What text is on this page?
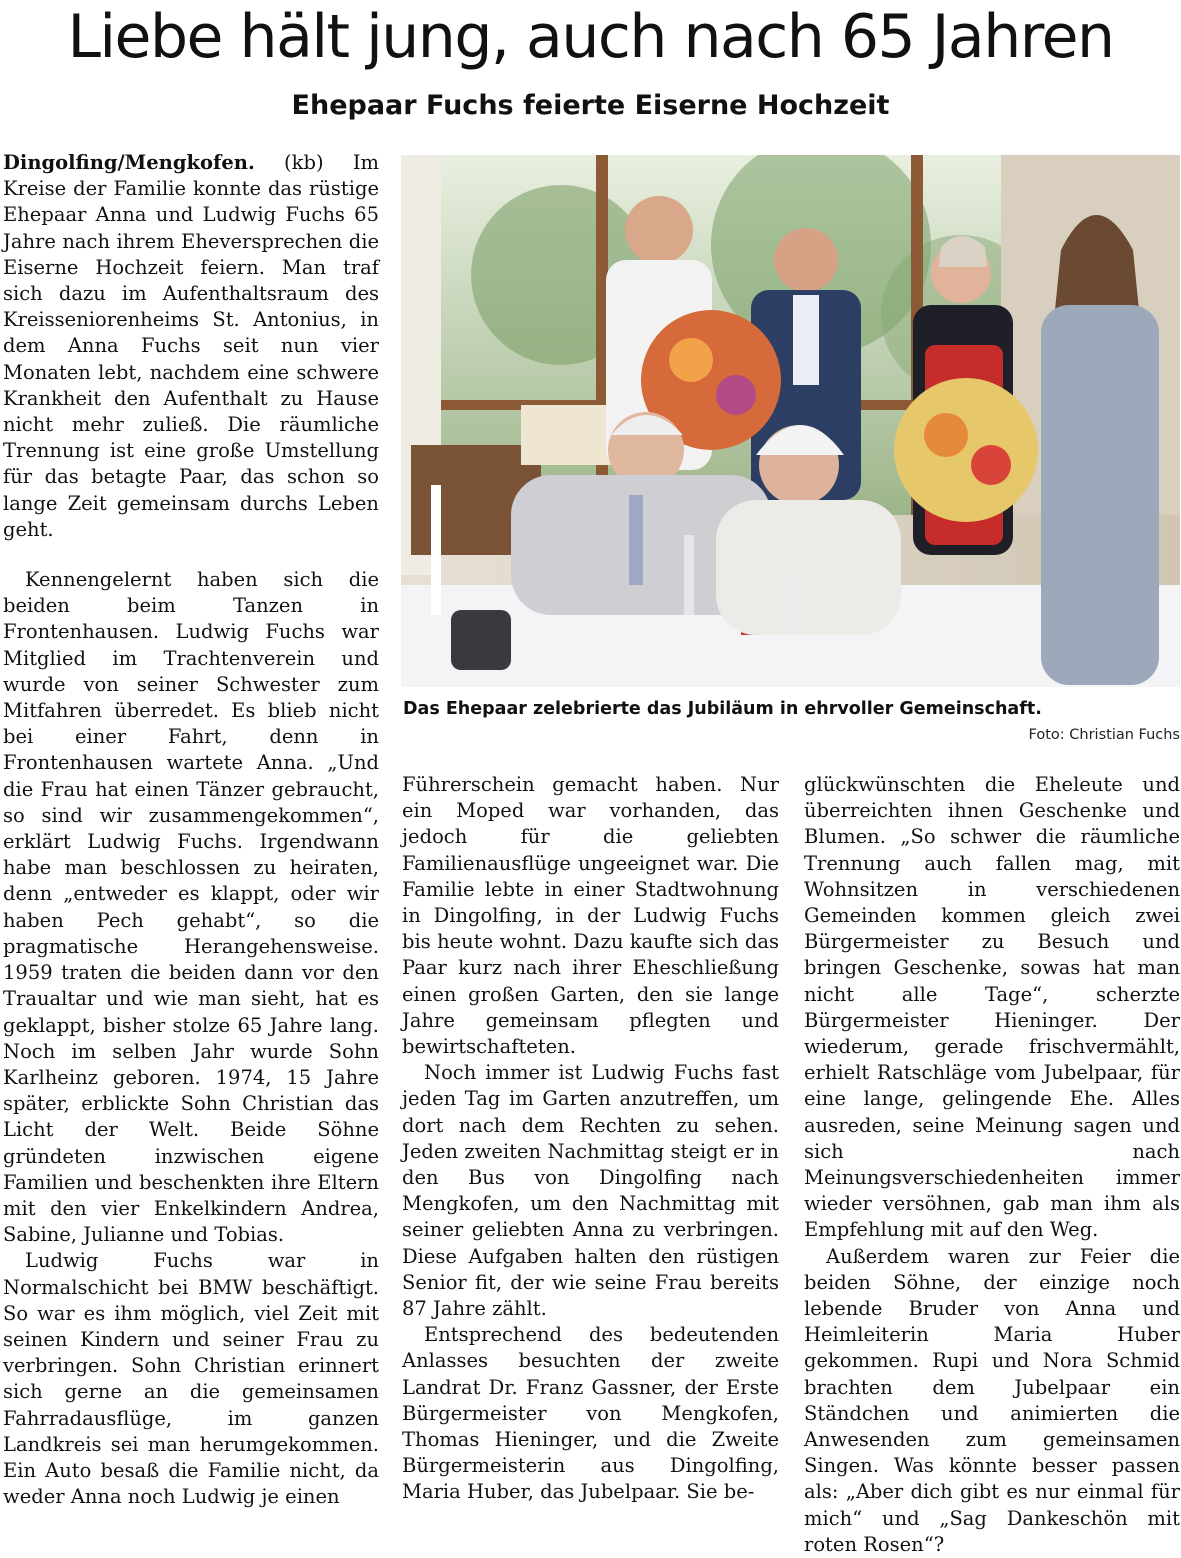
Liebe hält jung, auch nach 65 Jahren
Ehepaar Fuchs feierte Eiserne Hochzeit

Dingolfing/Mengkofen. (kb) Im Kreise der Familie konnte das rüstige Ehepaar Anna und Ludwig Fuchs 65 Jahre nach ihrem Eheversprechen die Eiserne Hochzeit feiern. Man traf sich dazu im Aufenthaltsraum des Kreisseniorenheims St. Antonius, in dem Anna Fuchs seit nun vier Monaten lebt, nachdem eine schwere Krankheit den Aufenthalt zu Hause nicht mehr zuließ. Die räumliche Trennung ist eine große Umstellung für das betagte Paar, das schon so lange Zeit gemeinsam durchs Leben geht.

Kennengelernt haben sich die beiden beim Tanzen in Frontenhausen. Ludwig Fuchs war Mitglied im Trachtenverein und wurde von seiner Schwester zum Mitfahren überredet. Es blieb nicht bei einer Fahrt, denn in Frontenhausen wartete Anna. „Und die Frau hat einen Tänzer gebraucht, so sind wir zusammengekommen“, erklärt Ludwig Fuchs. Irgendwann habe man beschlossen zu heiraten, denn „entweder es klappt, oder wir haben Pech gehabt“, so die pragmatische Herangehensweise. 1959 traten die beiden dann vor den Traualtar und wie man sieht, hat es geklappt, bisher stolze 65 Jahre lang. Noch im selben Jahr wurde Sohn Karlheinz geboren. 1974, 15 Jahre später, erblickte Sohn Christian das Licht der Welt. Beide Söhne gründeten inzwischen eigene Familien und beschenkten ihre Eltern mit den vier Enkelkindern Andrea, Sabine, Julianne und Tobias.

Ludwig Fuchs war in Normalschicht bei BMW beschäftigt. So war es ihm möglich, viel Zeit mit seinen Kindern und seiner Frau zu verbringen. Sohn Christian erinnert sich gerne an die gemeinsamen Fahrradausflüge, im ganzen Landkreis sei man herumgekommen. Ein Auto besaß die Familie nicht, da weder Anna noch Ludwig je einen

Das Ehepaar zelebrierte das Jubiläum in ehrvoller Gemeinschaft.
Foto: Christian Fuchs

Führerschein gemacht haben. Nur ein Moped war vorhanden, das jedoch für die geliebten Familienausflüge ungeeignet war. Die Familie lebte in einer Stadtwohnung in Dingolfing, in der Ludwig Fuchs bis heute wohnt. Dazu kaufte sich das Paar kurz nach ihrer Eheschließung einen großen Garten, den sie lange Jahre gemeinsam pflegten und bewirtschafteten.

Noch immer ist Ludwig Fuchs fast jeden Tag im Garten anzutreffen, um dort nach dem Rechten zu sehen. Jeden zweiten Nachmittag steigt er in den Bus von Dingolfing nach Mengkofen, um den Nachmittag mit seiner geliebten Anna zu verbringen. Diese Aufgaben halten den rüstigen Senior fit, der wie seine Frau bereits 87 Jahre zählt.

Entsprechend des bedeutenden Anlasses besuchten der zweite Landrat Dr. Franz Gassner, der Erste Bürgermeister von Mengkofen, Thomas Hieninger, und die Zweite Bürgermeisterin aus Dingolfing, Maria Huber, das Jubelpaar. Sie be-

glückwünschten die Eheleute und überreichten ihnen Geschenke und Blumen. „So schwer die räumliche Trennung auch fallen mag, mit Wohnsitzen in verschiedenen Gemeinden kommen gleich zwei Bürgermeister zu Besuch und bringen Geschenke, sowas hat man nicht alle Tage“, scherzte Bürgermeister Hieninger. Der wiederum, gerade frischvermählt, erhielt Ratschläge vom Jubelpaar, für eine lange, gelingende Ehe. Alles ausreden, seine Meinung sagen und sich nach Meinungsverschiedenheiten immer wieder versöhnen, gab man ihm als Empfehlung mit auf den Weg.

Außerdem waren zur Feier die beiden Söhne, der einzige noch lebende Bruder von Anna und Heimleiterin Maria Huber gekommen. Rupi und Nora Schmid brachten dem Jubelpaar ein Ständchen und animierten die Anwesenden zum gemeinsamen Singen. Was könnte besser passen als: „Aber dich gibt es nur einmal für mich“ und „Sag Dankeschön mit roten Rosen“?
